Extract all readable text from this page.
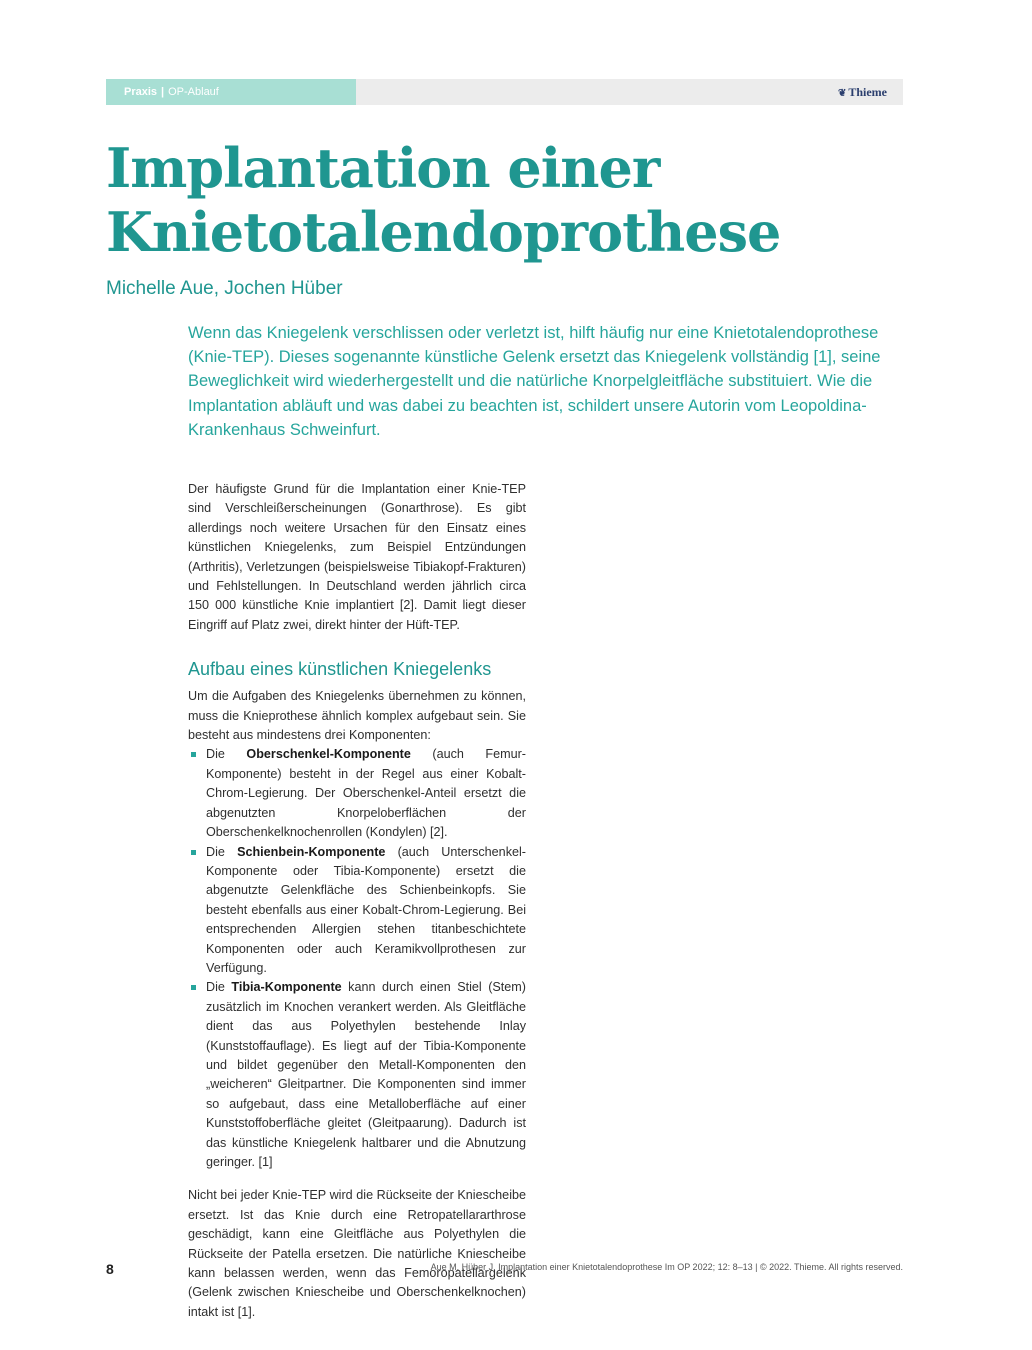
Praxis | OP-Ablauf	❦ Thieme
Implantation einer Knietotalendoprothese
Michelle Aue, Jochen Hüber

Wenn das Kniegelenk verschlissen oder verletzt ist, hilft häufig nur eine Knietotalendoprothese (Knie-TEP). Dieses sogenannte künstliche Gelenk ersetzt das Kniegelenk vollständig [1], seine Beweglichkeit wird wiederhergestellt und die natürliche Knorpelgleitfläche substituiert. Wie die Implantation abläuft und was dabei zu beachten ist, schildert unsere Autorin vom Leopoldina-Krankenhaus Schweinfurt.

Der häufigste Grund für die Implantation einer Knie-TEP sind Verschleißerscheinungen (Gonarthrose). Es gibt allerdings noch weitere Ursachen für den Einsatz eines künstlichen Kniegelenks, zum Beispiel Entzündungen (Arthritis), Verletzungen (beispielsweise Tibiakopf-Frakturen) und Fehlstellungen. In Deutschland werden jährlich circa 150 000 künstliche Knie implantiert [2]. Damit liegt dieser Eingriff auf Platz zwei, direkt hinter der Hüft-TEP.

Aufbau eines künstlichen Kniegelenks

Um die Aufgaben des Kniegelenks übernehmen zu können, muss die Knieprothese ähnlich komplex aufgebaut sein. Sie besteht aus mindestens drei Komponenten:

Die Oberschenkel-Komponente (auch Femur-Komponente) besteht in der Regel aus einer Kobalt-Chrom-Legierung. Der Oberschenkel-Anteil ersetzt die abgenutzten Knorpeloberflächen der Oberschenkelknochenrollen (Kondylen) [2].
Die Schienbein-Komponente (auch Unterschenkel-Komponente oder Tibia-Komponente) ersetzt die abgenutzte Gelenkfläche des Schienbeinkopfs. Sie besteht ebenfalls aus einer Kobalt-Chrom-Legierung. Bei entsprechenden Allergien stehen titanbeschichtete Komponenten oder auch Keramikvollprothesen zur Verfügung.
Die Tibia-Komponente kann durch einen Stiel (Stem) zusätzlich im Knochen verankert werden. Als Gleitfläche dient das aus Polyethylen bestehende Inlay (Kunststoffauflage). Es liegt auf der Tibia-Komponente und bildet gegenüber den Metall-Komponenten den „weicheren“ Gleitpartner. Die Komponenten sind immer so aufgebaut, dass eine Metalloberfläche auf einer Kunststoffoberfläche gleitet (Gleitpaarung). Dadurch ist das künstliche Kniegelenk haltbarer und die Abnutzung geringer. [1]

Nicht bei jeder Knie-TEP wird die Rückseite der Kniescheibe ersetzt. Ist das Knie durch eine Retropatellararthrose geschädigt, kann eine Gleitfläche aus Polyethylen die Rückseite der Patella ersetzen. Die natürliche Kniescheibe kann belassen werden, wenn das Femoropatellargelenk (Gelenk zwischen Kniescheibe und Oberschenkelknochen) intakt ist [1].

8	Aue M, Hüber J. Implantation einer Knietotalendoprothese Im OP 2022; 12: 8–13 | © 2022. Thieme. All rights reserved.
